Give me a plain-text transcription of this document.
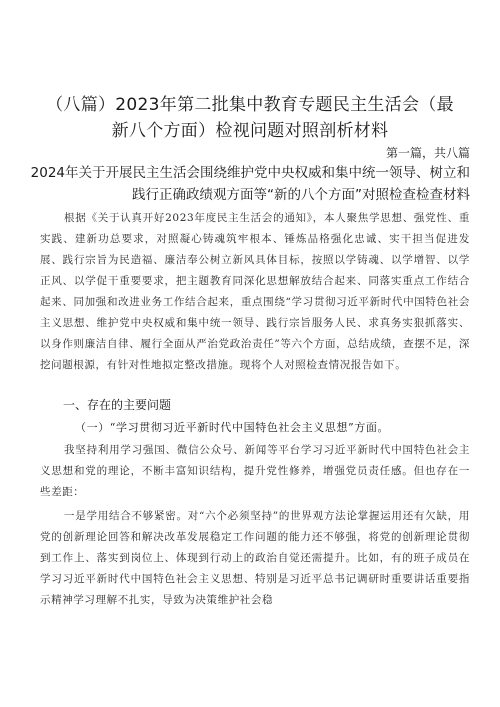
（八篇）2023年第二批集中教育专题民主生活会（最新八个方面）检视问题对照剖析材料
第一篇，共八篇
2024年关于开展民主生活会围绕维护党中央权威和集中统一领导、树立和践行正确政绩观方面等“新的八个方面”对照检查检查材料
根据《关于认真开好2023年度民主生活会的通知》，本人聚焦学思想、强党性、重实践、建新功总要求，对照凝心铸魂筑牢根本、锤炼品格强化忠诚、实干担当促进发展、践行宗旨为民造福、廉洁奉公树立新风具体目标，按照以学铸魂、以学增智、以学正风、以学促干重要要求，把主题教育同深化思想解放结合起来、同落实重点工作结合起来、同加强和改进业务工作结合起来，重点围绕“学习贯彻习近平新时代中国特色社会主义思想、维护党中央权威和集中统一领导、践行宗旨服务人民、求真务实狠抓落实、以身作则廉洁自律、履行全面从严治党政治责任”等六个方面，总结成绩，查摆不足，深挖问题根源，有针对性地拟定整改措施。现将个人对照检查情况报告如下。
一、存在的主要问题
（一）“学习贯彻习近平新时代中国特色社会主义思想”方面。
我坚持利用学习强国、微信公众号、新闻等平台学习习近平新时代中国特色社会主义思想和党的理论，不断丰富知识结构，提升党性修养，增强党员责任感。但也存在一些差距：
一是学用结合不够紧密。对“六个必须坚持”的世界观方法论掌握运用还有欠缺，用党的创新理论回答和解决改革发展稳定工作问题的能力还不够强，将党的创新理论贯彻到工作上、落实到岗位上、体现到行动上的政治自觉还需提升。比如，有的班子成员在学习习近平新时代中国特色社会主义思想、特别是习近平总书记调研时重要讲话重要指示精神学习理解不扎实，导致为决策维护社会稳
